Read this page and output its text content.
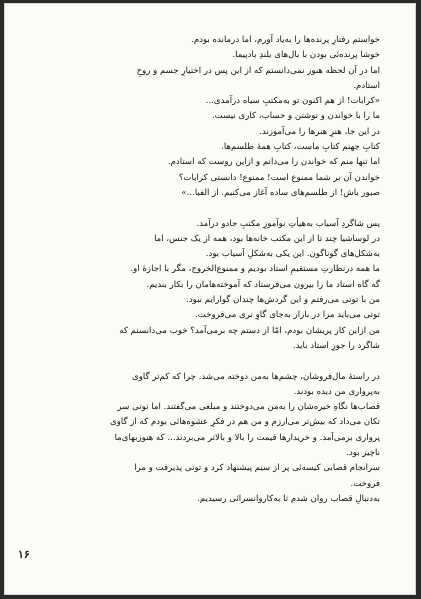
خواستم رفتارِ پرنده‌ها را به‌یاد آورم، اما درمانده بودم.
خوشا پرنده‌ئی بودن با بال‌های بلندِ بادپیما.
اما در آن لحظه هنوز نمی‌دانستم که از این پس در اختیارِ جسم و روحِ
استادم.
«کرابات! از هم اکنون تو به‌مکتبِ سیاه درآمدی...
ما را با خواندن و نوشتن و حساب، کاری نیست.
در این جا، هنرِ هنرها را می‌آموزند.
کتابِ جهنم کتابِ ماست، کتابِ همهٔ طلسم‌ها.
اما تنها منم که خواندن را می‌دانم و ازاین روست که استادم.
خواندن آن بر شما ممنوع است! ممنوع! دانستی کرابات؟
صبور باش! از طلسم‌های ساده آغاز می‌کنیم. از الفبا...»
پس شاگردِ آسیاب به‌هیأتِ نوآموزِ مکتبِ جادو درآمد.
در لوساشیا چند تا از این مکتب خانه‌ها بود، همه از یک جنس، اما
به‌شکل‌های گوناگون. این یکی به‌شکلِ آسیاب بود.
ما همه درنظارتِ مستقیمِ استاد بودیم و ممنوع‌الخروج، مگر با اجازهٔ او.
گه گاه استاد ما را بیرون می‌فرستاد که آموخته‌هامان را بکار بندیم.
من با توتی می‌رفتم و این گردش‌ها چندان گوارایم نبود.
توتی می‌باید مرا در بازار به‌جای گاوِ نری می‌فروخت.
من ازاین کار پریشان بودم، امّا از دستم چه برمی‌آمد؟ خوب می‌دانستم که
شاگرد را جورِ استاد باید.
در راستهٔ مال‌فروشان، چشم‌ها به‌من دوخته می‌شد. چرا که کم‌تر گاوی
به‌پرواری من دیده بودند.
قصاب‌ها نگاهِ خیره‌شان را به‌من می‌دوختند و مبلغی می‌گفتند. اما توتی سر
تکان می‌داد که بیش‌تر می‌ارزم و من هم در فکرِ عشوه‌هائی بودم که از گاوی
پرواری برمی‌آمد. و خریدارها قیمت را بالا و بالاتر می‌بردند... که هنوزبهای‌ما
ناچیز بود.
سرانجام قصابی کیسه‌ئی پر از سیم پیشنهاد کرد و توتی پذیرفت و مرا
فروخت.
به‌دنبالِ قصاب روان شدم تا به‌کاروانسرائی رسیدیم.
۱۶
